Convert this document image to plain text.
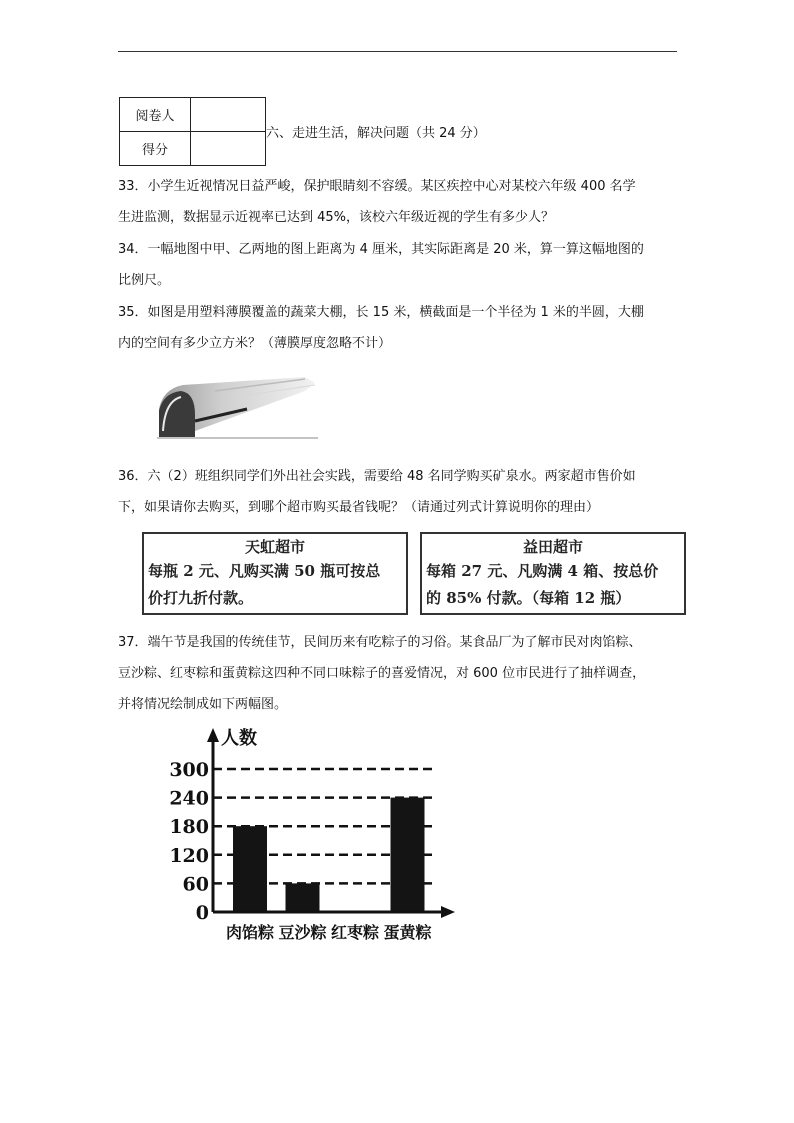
阅卷人	
得分	
六、走进生活，解决问题（共 24 分）

33．小学生近视情况日益严峻，保护眼睛刻不容缓。某区疾控中心对某校六年级 400 名学

生进监测，数据显示近视率已达到 45%，该校六年级近视的学生有多少人？

34．一幅地图中甲、乙两地的图上距离为 4 厘米，其实际距离是 20 米，算一算这幅地图的

比例尺。

35．如图是用塑料薄膜覆盖的蔬菜大棚，长 15 米，横截面是一个半径为 1 米的半圆，大棚

内的空间有多少立方米？（薄膜厚度忽略不计）

36．六（2）班组织同学们外出社会实践，需要给 48 名同学购买矿泉水。两家超市售价如

下，如果请你去购买，到哪个超市购买最省钱呢？（请通过列式计算说明你的理由）

天虹超市
每瓶 2 元、凡购买满 50 瓶可按总
价打九折付款。
益田超市
每箱 27 元、凡购满 4 箱、按总价
的 85% 付款。（每箱 12 瓶）

37．端午节是我国的传统佳节，民间历来有吃粽子的习俗。某食品厂为了解市民对肉馅粽、

豆沙粽、红枣粽和蛋黄粽这四种不同口味粽子的喜爱情况，对 600 位市民进行了抽样调查，

并将情况绘制成如下两幅图。

0
60
120
180
240
300
肉馅粽 豆沙粽 红枣粽 蛋黄粽
人数
